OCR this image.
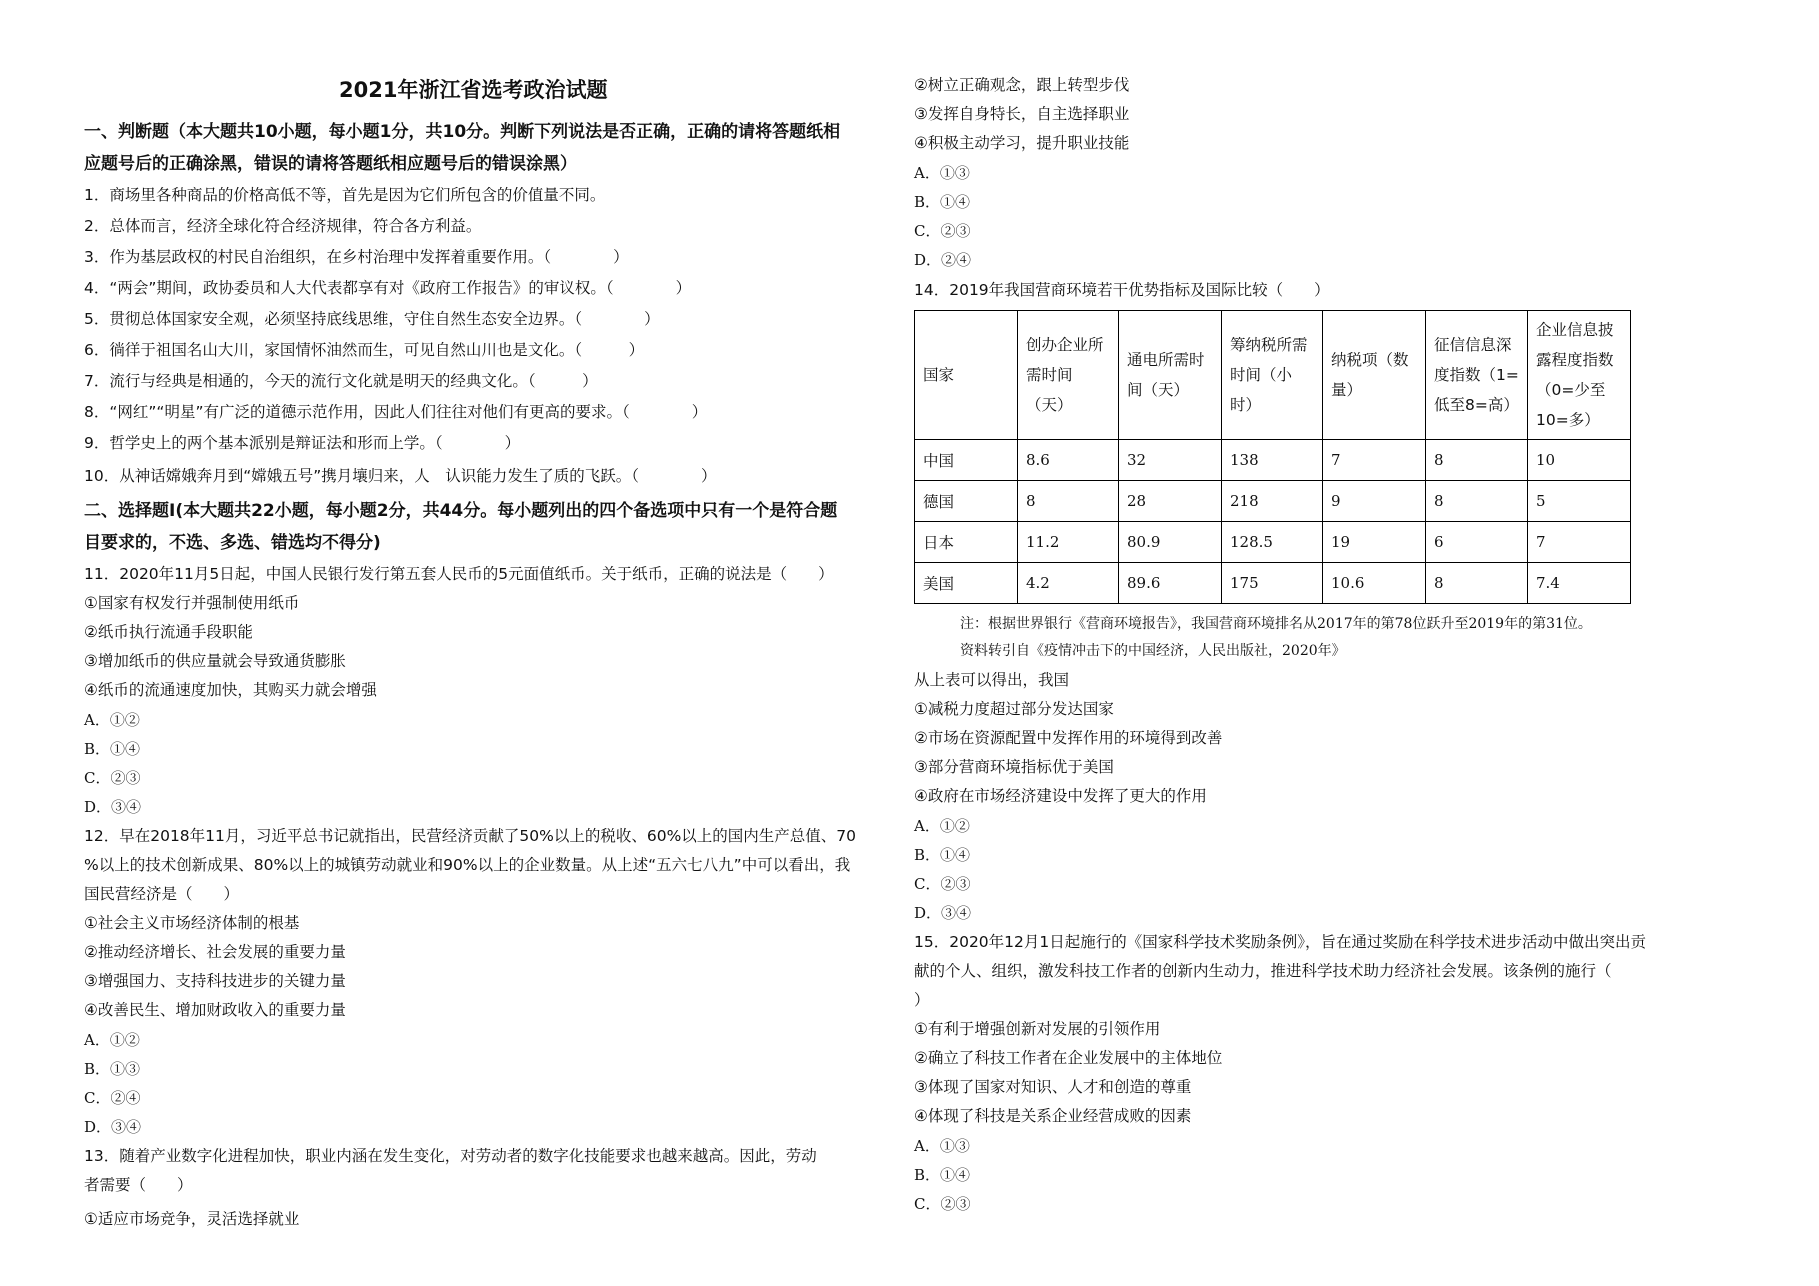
2021年浙江省选考政治试题
一、判断题（本大题共10小题，每小题1分，共10分。判断下列说法是否正确，正确的请将答题纸相
应题号后的正确涂黑，错误的请将答题纸相应题号后的错误涂黑）
1．商场里各种商品的价格高低不等，首先是因为它们所包含的价值量不同。
2．总体而言，经济全球化符合经济规律，符合各方利益。
3．作为基层政权的村民自治组织，在乡村治理中发挥着重要作用。（　　　　）
4．“两会”期间，政协委员和人大代表都享有对《政府工作报告》的审议权。（　　　　）
5．贯彻总体国家安全观，必须坚持底线思维，守住自然生态安全边界。（　　　　）
6．徜徉于祖国名山大川，家国情怀油然而生，可见自然山川也是文化。（　　　）
7．流行与经典是相通的，今天的流行文化就是明天的经典文化。（　　　）
8．“网红”“明星”有广泛的道德示范作用，因此人们往往对他们有更高的要求。（　　　　）
9．哲学史上的两个基本派别是辩证法和形而上学。（　　　　）
10．从神话嫦娥奔月到“嫦娥五号”携月壤归来，人　认识能力发生了质的飞跃。（　　　　）
二、选择题Ⅰ(本大题共22小题，每小题2分，共44分。每小题列出的四个备选项中只有一个是符合题
目要求的，不选、多选、错选均不得分)
11．2020年11月5日起，中国人民银行发行第五套人民币的5元面值纸币。关于纸币，正确的说法是（　　）
①国家有权发行并强制使用纸币
②纸币执行流通手段职能
③增加纸币的供应量就会导致通货膨胀
④纸币的流通速度加快，其购买力就会增强
A．①②
B．①④
C．②③
D．③④
12．早在2018年11月，习近平总书记就指出，民营经济贡献了50%以上的税收、60%以上的国内生产总值、70
%以上的技术创新成果、80%以上的城镇劳动就业和90%以上的企业数量。从上述“五六七八九”中可以看出，我
国民营经济是（　　）
①社会主义市场经济体制的根基
②推动经济增长、社会发展的重要力量
③增强国力、支持科技进步的关键力量
④改善民生、增加财政收入的重要力量
A．①②
B．①③
C．②④
D．③④
13．随着产业数字化进程加快，职业内涵在发生变化，对劳动者的数字化技能要求也越来越高。因此，劳动
者需要（　　）
①适应市场竞争，灵活选择就业
②树立正确观念，跟上转型步伐
③发挥自身特长，自主选择职业
④积极主动学习，提升职业技能
A．①③
B．①④
C．②③
D．②④
14．2019年我国营商环境若干优势指标及国际比较（　　）
国家	创办企业所需时间（天）	通电所需时间（天）	筹纳税所需时间（小时）	纳税项（数量）	征信信息深度指数（1=低至8=高）	企业信息披露程度指数（0=少至10=多）
中国	8.6	32	138	7	8	10
德国	8	28	218	9	8	5
日本	11.2	80.9	128.5	19	6	7
美国	4.2	89.6	175	10.6	8	7.4
注：根据世界银行《营商环境报告》，我国营商环境排名从2017年的第78位跃升至2019年的第31位。
资料转引自《疫情冲击下的中国经济，人民出版社，2020年》
从上表可以得出，我国
①减税力度超过部分发达国家
②市场在资源配置中发挥作用的环境得到改善
③部分营商环境指标优于美国
④政府在市场经济建设中发挥了更大的作用
A．①②
B．①④
C．②③
D．③④
15．2020年12月1日起施行的《国家科学技术奖励条例》，旨在通过奖励在科学技术进步活动中做出突出贡
献的个人、组织，激发科技工作者的创新内生动力，推进科学技术助力经济社会发展。该条例的施行（
）
①有利于增强创新对发展的引领作用
②确立了科技工作者在企业发展中的主体地位
③体现了国家对知识、人才和创造的尊重
④体现了科技是关系企业经营成败的因素
A．①③
B．①④
C．②③
